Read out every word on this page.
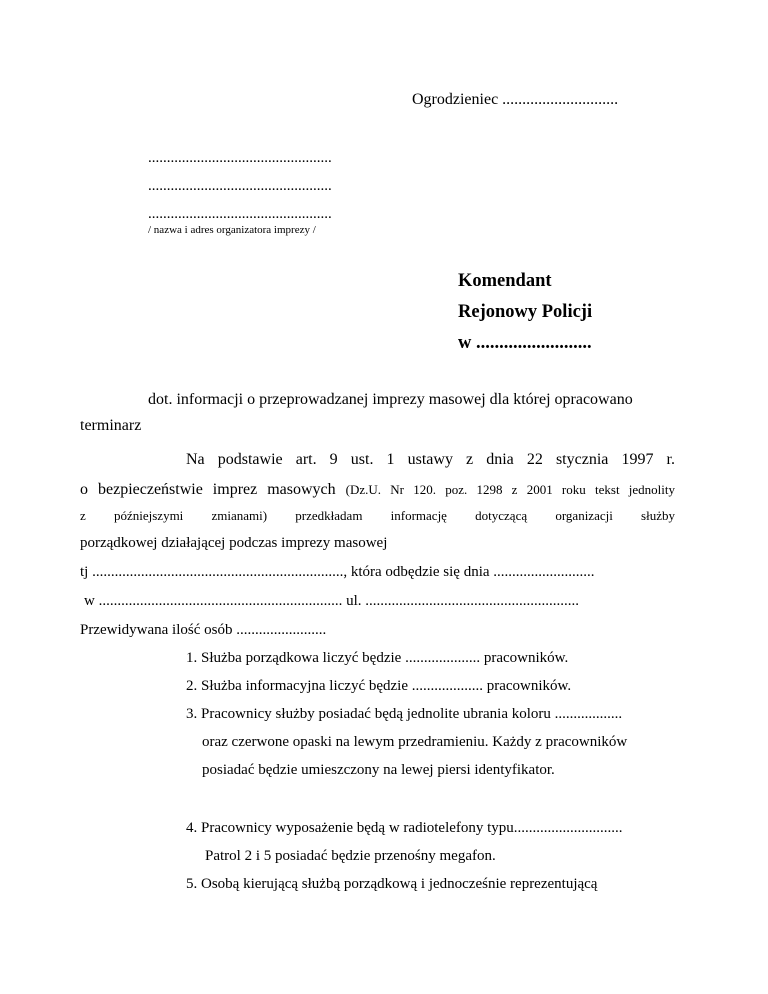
Ogrodzieniec .............................
.................................................
.................................................
.................................................
/ nazwa i adres organizatora imprezy /
Komendant
Rejonowy Policji
w .........................
dot. informacji o przeprowadzanej imprezy masowej dla której opracowano
terminarz
Na podstawie art. 9 ust. 1 ustawy z dnia 22 stycznia 1997 r.
o bezpieczeństwie imprez masowych (Dz.U. Nr 120. poz. 1298 z 2001 roku tekst jednolity
z późniejszymi zmianami) przedkładam informację dotyczącą organizacji służby
porządkowej działającej podczas imprezy masowej
tj ..................................................................., która odbędzie się dnia ...........................
w ................................................................. ul. .........................................................
Przewidywana ilość osób ........................
1. Służba porządkowa liczyć będzie .................... pracowników.
2. Służba informacyjna liczyć będzie ................... pracowników.
3. Pracownicy służby posiadać będą jednolite ubrania koloru ..................
oraz czerwone opaski na lewym przedramieniu. Każdy z pracowników
posiadać będzie umieszczony na lewej piersi identyfikator.
4. Pracownicy wyposażenie będą w radiotelefony typu.............................
Patrol 2 i 5 posiadać będzie przenośny megafon.
5. Osobą kierującą służbą porządkową i jednocześnie reprezentującą
